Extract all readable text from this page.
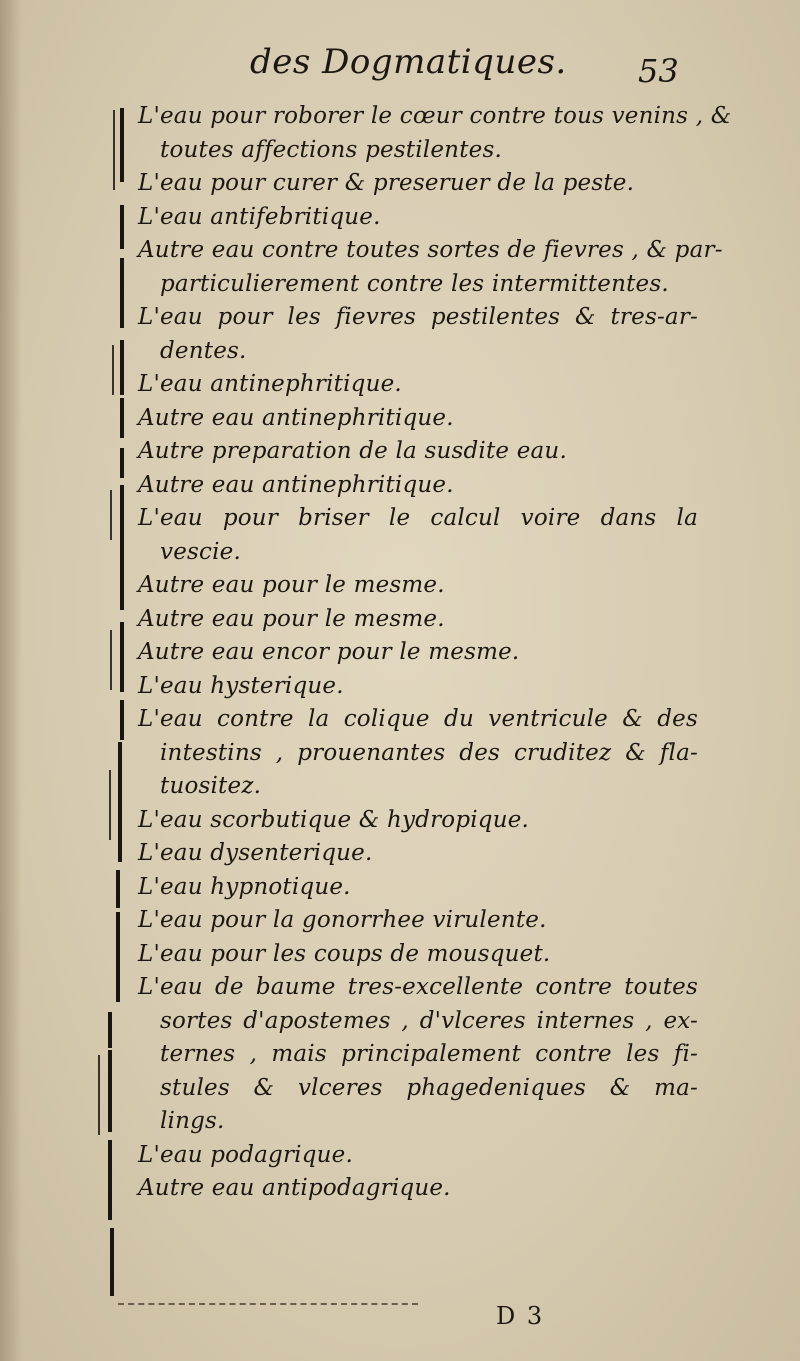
des Dogmatiques. 53

L'eau pour roborer le cœur contre tous venins , &
toutes affections pestilentes.

L'eau pour curer & preseruer de la peste.

L'eau antifebritique.

Autre eau contre toutes sortes de fievres , & par-
particulierement contre les intermittentes.

L'eau pour les fievres pestilentes & tres-ar-
dentes.

L'eau antinephritique.

Autre eau antinephritique.

Autre preparation de la susdite eau.

Autre eau antinephritique.

L'eau pour briser le calcul voire dans la
vescie.

Autre eau pour le mesme.

Autre eau pour le mesme.

Autre eau encor pour le mesme.

L'eau hysterique.

L'eau contre la colique du ventricule & des
intestins , prouenantes des cruditez & fla-
tuositez.

L'eau scorbutique & hydropique.

L'eau dysenterique.

L'eau hypnotique.

L'eau pour la gonorrhee virulente.

L'eau pour les coups de mousquet.

L'eau de baume tres-excellente contre toutes
sortes d'apostemes , d'vlceres internes , ex-
ternes , mais principalement contre les fi-
stules & vlceres phagedeniques & ma-
lings.

L'eau podagrique.

Autre eau antipodagrique.

D 3
